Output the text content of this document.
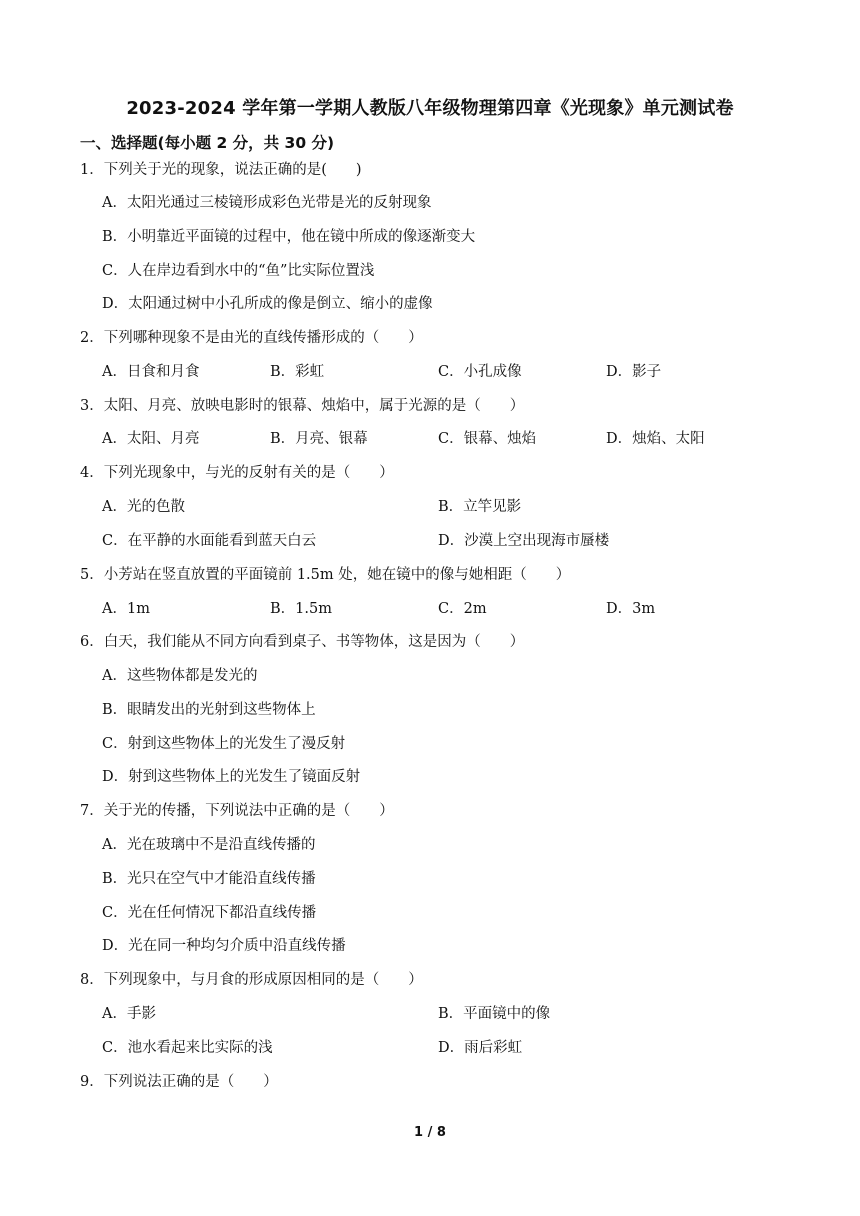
2023-2024 学年第一学期人教版八年级物理第四章《光现象》单元测试卷
一、选择题(每小题 2 分，共 30 分)
1．下列关于光的现象，说法正确的是(　　)
A．太阳光通过三棱镜形成彩色光带是光的反射现象
B．小明靠近平面镜的过程中，他在镜中所成的像逐渐变大
C．人在岸边看到水中的“鱼”比实际位置浅
D．太阳通过树中小孔所成的像是倒立、缩小的虚像
2．下列哪种现象不是由光的直线传播形成的（　　）
A．日食和月食	B．彩虹	C．小孔成像	D．影子
3．太阳、月亮、放映电影时的银幕、烛焰中，属于光源的是（　　）
A．太阳、月亮	B．月亮、银幕	C．银幕、烛焰	D．烛焰、太阳
4．下列光现象中，与光的反射有关的是（　　）
A．光的色散	B．立竿见影
C．在平静的水面能看到蓝天白云	D．沙漠上空出现海市蜃楼
5．小芳站在竖直放置的平面镜前 1.5m 处，她在镜中的像与她相距（　　）
A．1m	B．1.5m	C．2m	D．3m
6．白天，我们能从不同方向看到桌子、书等物体，这是因为（　　）
A．这些物体都是发光的
B．眼睛发出的光射到这些物体上
C．射到这些物体上的光发生了漫反射
D．射到这些物体上的光发生了镜面反射
7．关于光的传播，下列说法中正确的是（　　）
A．光在玻璃中不是沿直线传播的
B．光只在空气中才能沿直线传播
C．光在任何情况下都沿直线传播
D．光在同一种均匀介质中沿直线传播
8．下列现象中，与月食的形成原因相同的是（　　）
A．手影	B．平面镜中的像
C．池水看起来比实际的浅	D．雨后彩虹
9．下列说法正确的是（　　）
1 / 8
